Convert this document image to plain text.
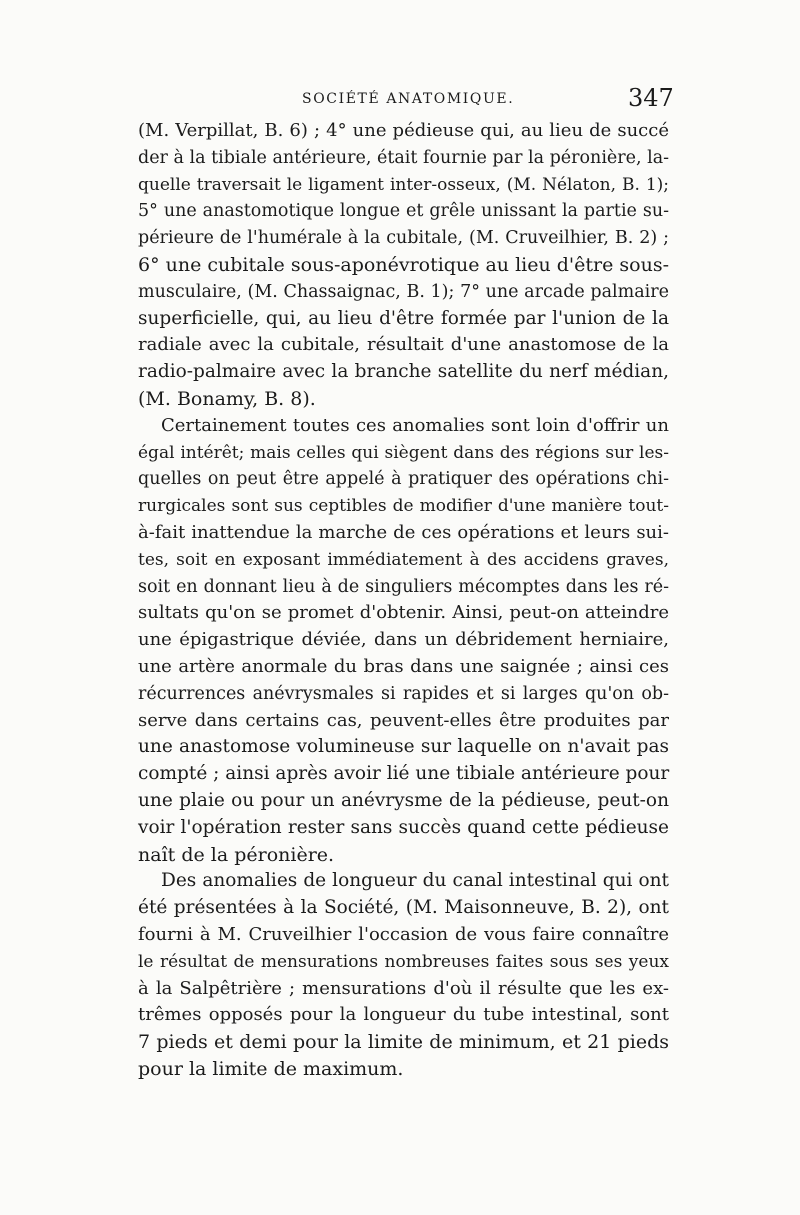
SOCIÉTÉ ANATOMIQUE.	347
(M. Verpillat, B. 6) ; 4° une pédieuse qui, au lieu de succé
der à la tibiale antérieure, était fournie par la péronière, la-
quelle traversait le ligament inter-osseux, (M. Nélaton, B. 1);
5° une anastomotique longue et grêle unissant la partie su-
périeure de l'humérale à la cubitale, (M. Cruveilhier, B. 2) ;
6° une cubitale sous-aponévrotique au lieu d'être sous-
musculaire, (M. Chassaignac, B. 1); 7° une arcade palmaire
superficielle, qui, au lieu d'être formée par l'union de la
radiale avec la cubitale, résultait d'une anastomose de la
radio-palmaire avec la branche satellite du nerf médian,
(M. Bonamy, B. 8).
Certainement toutes ces anomalies sont loin d'offrir un
égal intérêt; mais celles qui siègent dans des régions sur les-
quelles on peut être appelé à pratiquer des opérations chi-
rurgicales sont sus ceptibles de modifier d'une manière tout-
à-fait inattendue la marche de ces opérations et leurs sui-
tes, soit en exposant immédiatement à des accidens graves,
soit en donnant lieu à de singuliers mécomptes dans les ré-
sultats qu'on se promet d'obtenir. Ainsi, peut-on atteindre
une épigastrique déviée, dans un débridement herniaire,
une artère anormale du bras dans une saignée ; ainsi ces
récurrences anévrysmales si rapides et si larges qu'on ob-
serve dans certains cas, peuvent-elles être produites par
une anastomose volumineuse sur laquelle on n'avait pas
compté ; ainsi après avoir lié une tibiale antérieure pour
une plaie ou pour un anévrysme de la pédieuse, peut-on
voir l'opération rester sans succès quand cette pédieuse
naît de la péronière.
Des anomalies de longueur du canal intestinal qui ont
été présentées à la Société, (M. Maisonneuve, B. 2), ont
fourni à M. Cruveilhier l'occasion de vous faire connaître
le résultat de mensurations nombreuses faites sous ses yeux
à la Salpêtrière ; mensurations d'où il résulte que les ex-
trêmes opposés pour la longueur du tube intestinal, sont
7 pieds et demi pour la limite de minimum, et 21 pieds
pour la limite de maximum.
